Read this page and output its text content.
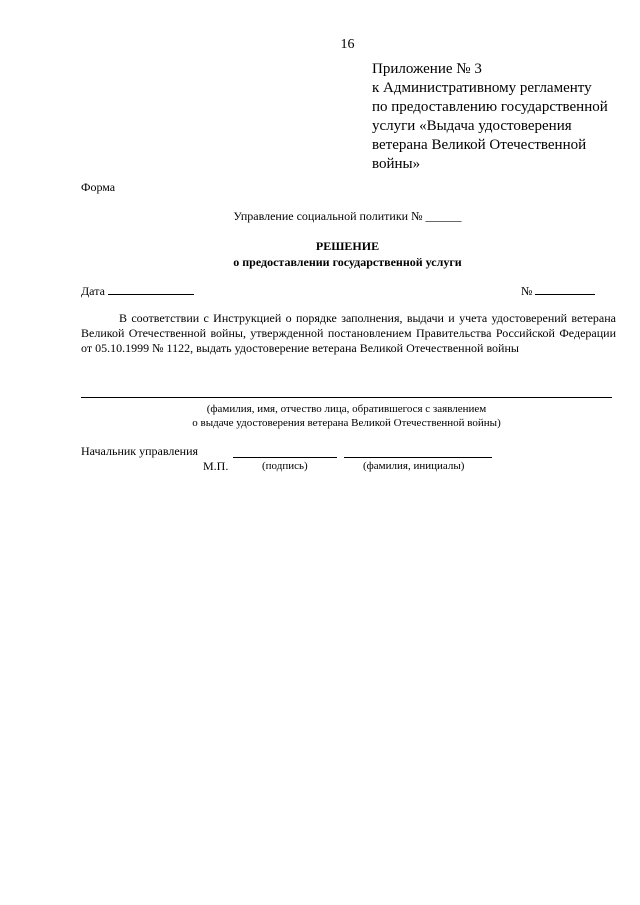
16
Приложение № 3
к Административному регламенту
по предоставлению государственной
услуги «Выдача удостоверения
ветерана Великой Отечественной
войны»
Форма
Управление социальной политики № ______
РЕШЕНИЕ
о предоставлении государственной услуги
Дата	№
В соответствии с Инструкцией о порядке заполнения, выдачи и учета удостоверений ветерана Великой Отечественной войны, утвержденной постановлением Правительства Российской Федерации от 05.10.1999 № 1122, выдать удостоверение ветерана Великой Отечественной войны
(фамилия, имя, отчество лица, обратившегося с заявлением
о выдаче удостоверения ветерана Великой Отечественной войны)
Начальник управления
М.П.	(подпись)	(фамилия, инициалы)
